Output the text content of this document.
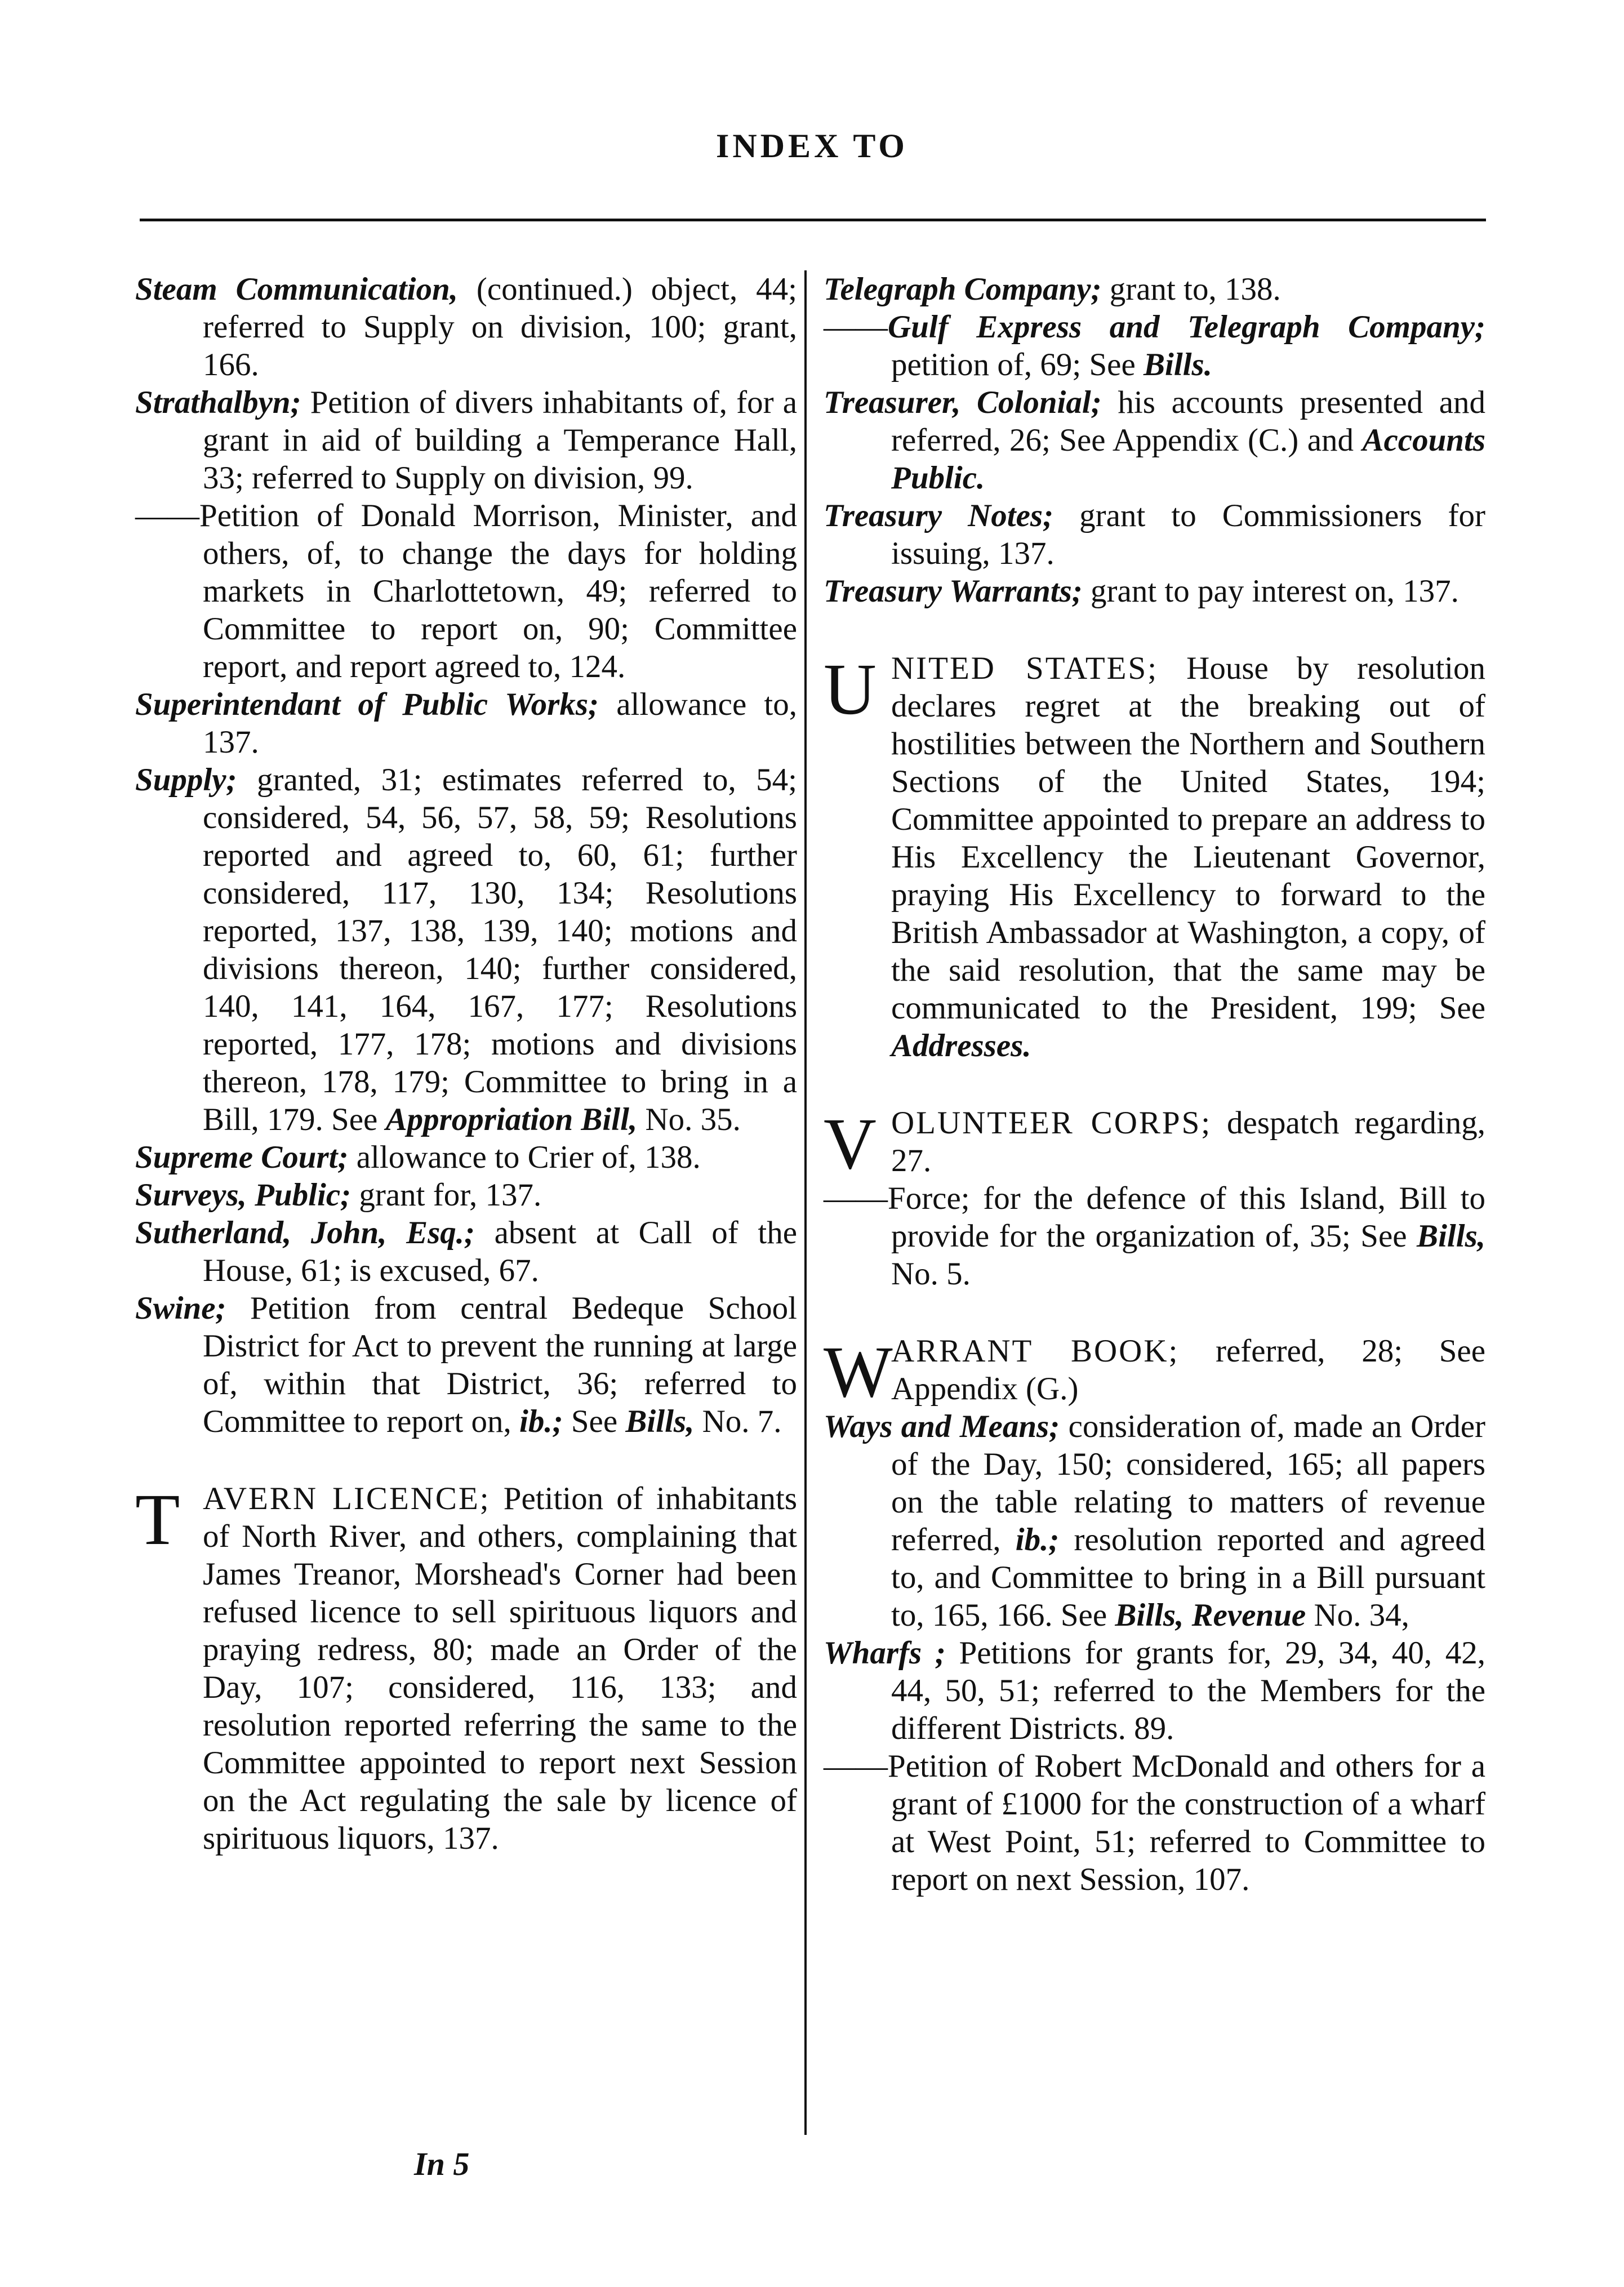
INDEX TO

Steam Communication, (continued.) object, 44; referred to Supply on division, 100; grant, 166.

Strathalbyn; Petition of divers inhabitants of, for a grant in aid of building a Temperance Hall, 33; referred to Supply on division, 99.

——Petition of Donald Morrison, Minister, and others, of, to change the days for holding markets in Charlottetown, 49; referred to Committee to report on, 90; Committee report, and report agreed to, 124.

Superintendant of Public Works; allowance to, 137.

Supply; granted, 31; estimates referred to, 54; considered, 54, 56, 57, 58, 59; Resolutions reported and agreed to, 60, 61; further considered, 117, 130, 134; Resolutions reported, 137, 138, 139, 140; motions and divisions thereon, 140; further considered, 140, 141, 164, 167, 177; Resolutions reported, 177, 178; motions and divisions thereon, 178, 179; Committee to bring in a Bill, 179. See Appropriation Bill, No. 35.

Supreme Court; allowance to Crier of, 138.

Surveys, Public; grant for, 137.

Sutherland, John, Esq.; absent at Call of the House, 61; is excused, 67.

Swine; Petition from central Bedeque School District for Act to prevent the running at large of, within that District, 36; referred to Committee to report on, ib.; See Bills, No. 7.

T AVERN LICENCE; Petition of inhabitants of North River, and others, complaining that James Treanor, Morshead's Corner had been refused licence to sell spirituous liquors and praying redress, 80; made an Order of the Day, 107; considered, 116, 133; and resolution reported referring the same to the Committee appointed to report next Session on the Act regulating the sale by licence of spirituous liquors, 137.

Telegraph Company; grant to, 138.

——Gulf Express and Telegraph Company; petition of, 69; See Bills.

Treasurer, Colonial; his accounts presented and referred, 26; See Appendix (C.) and Accounts Public.

Treasury Notes; grant to Commissioners for issuing, 137.

Treasury Warrants; grant to pay interest on, 137.

U NITED STATES; House by resolution declares regret at the breaking out of hostilities between the Northern and Southern Sections of the United States, 194; Committee appointed to prepare an address to His Excellency the Lieutenant Governor, praying His Excellency to forward to the British Ambassador at Washington, a copy, of the said resolution, that the same may be communicated to the President, 199; See Addresses.

V OLUNTEER CORPS; despatch regarding, 27.

——Force; for the defence of this Island, Bill to provide for the organization of, 35; See Bills, No. 5.

W
ARRANT BOOK; referred, 28; See Appendix (G.)

Ways and Means; consideration of, made an Order of the Day, 150; considered, 165; all papers on the table relating to matters of revenue referred, ib.; resolution reported and agreed to, and Committee to bring in a Bill pursuant to, 165, 166. See Bills, Revenue No. 34,

Wharfs ; Petitions for grants for, 29, 34, 40, 42, 44, 50, 51; referred to the Members for the different Districts. 89.

——Petition of Robert McDonald and others for a grant of £1000 for the construction of a wharf at West Point, 51; referred to Committee to report on next Session, 107.

In 5
